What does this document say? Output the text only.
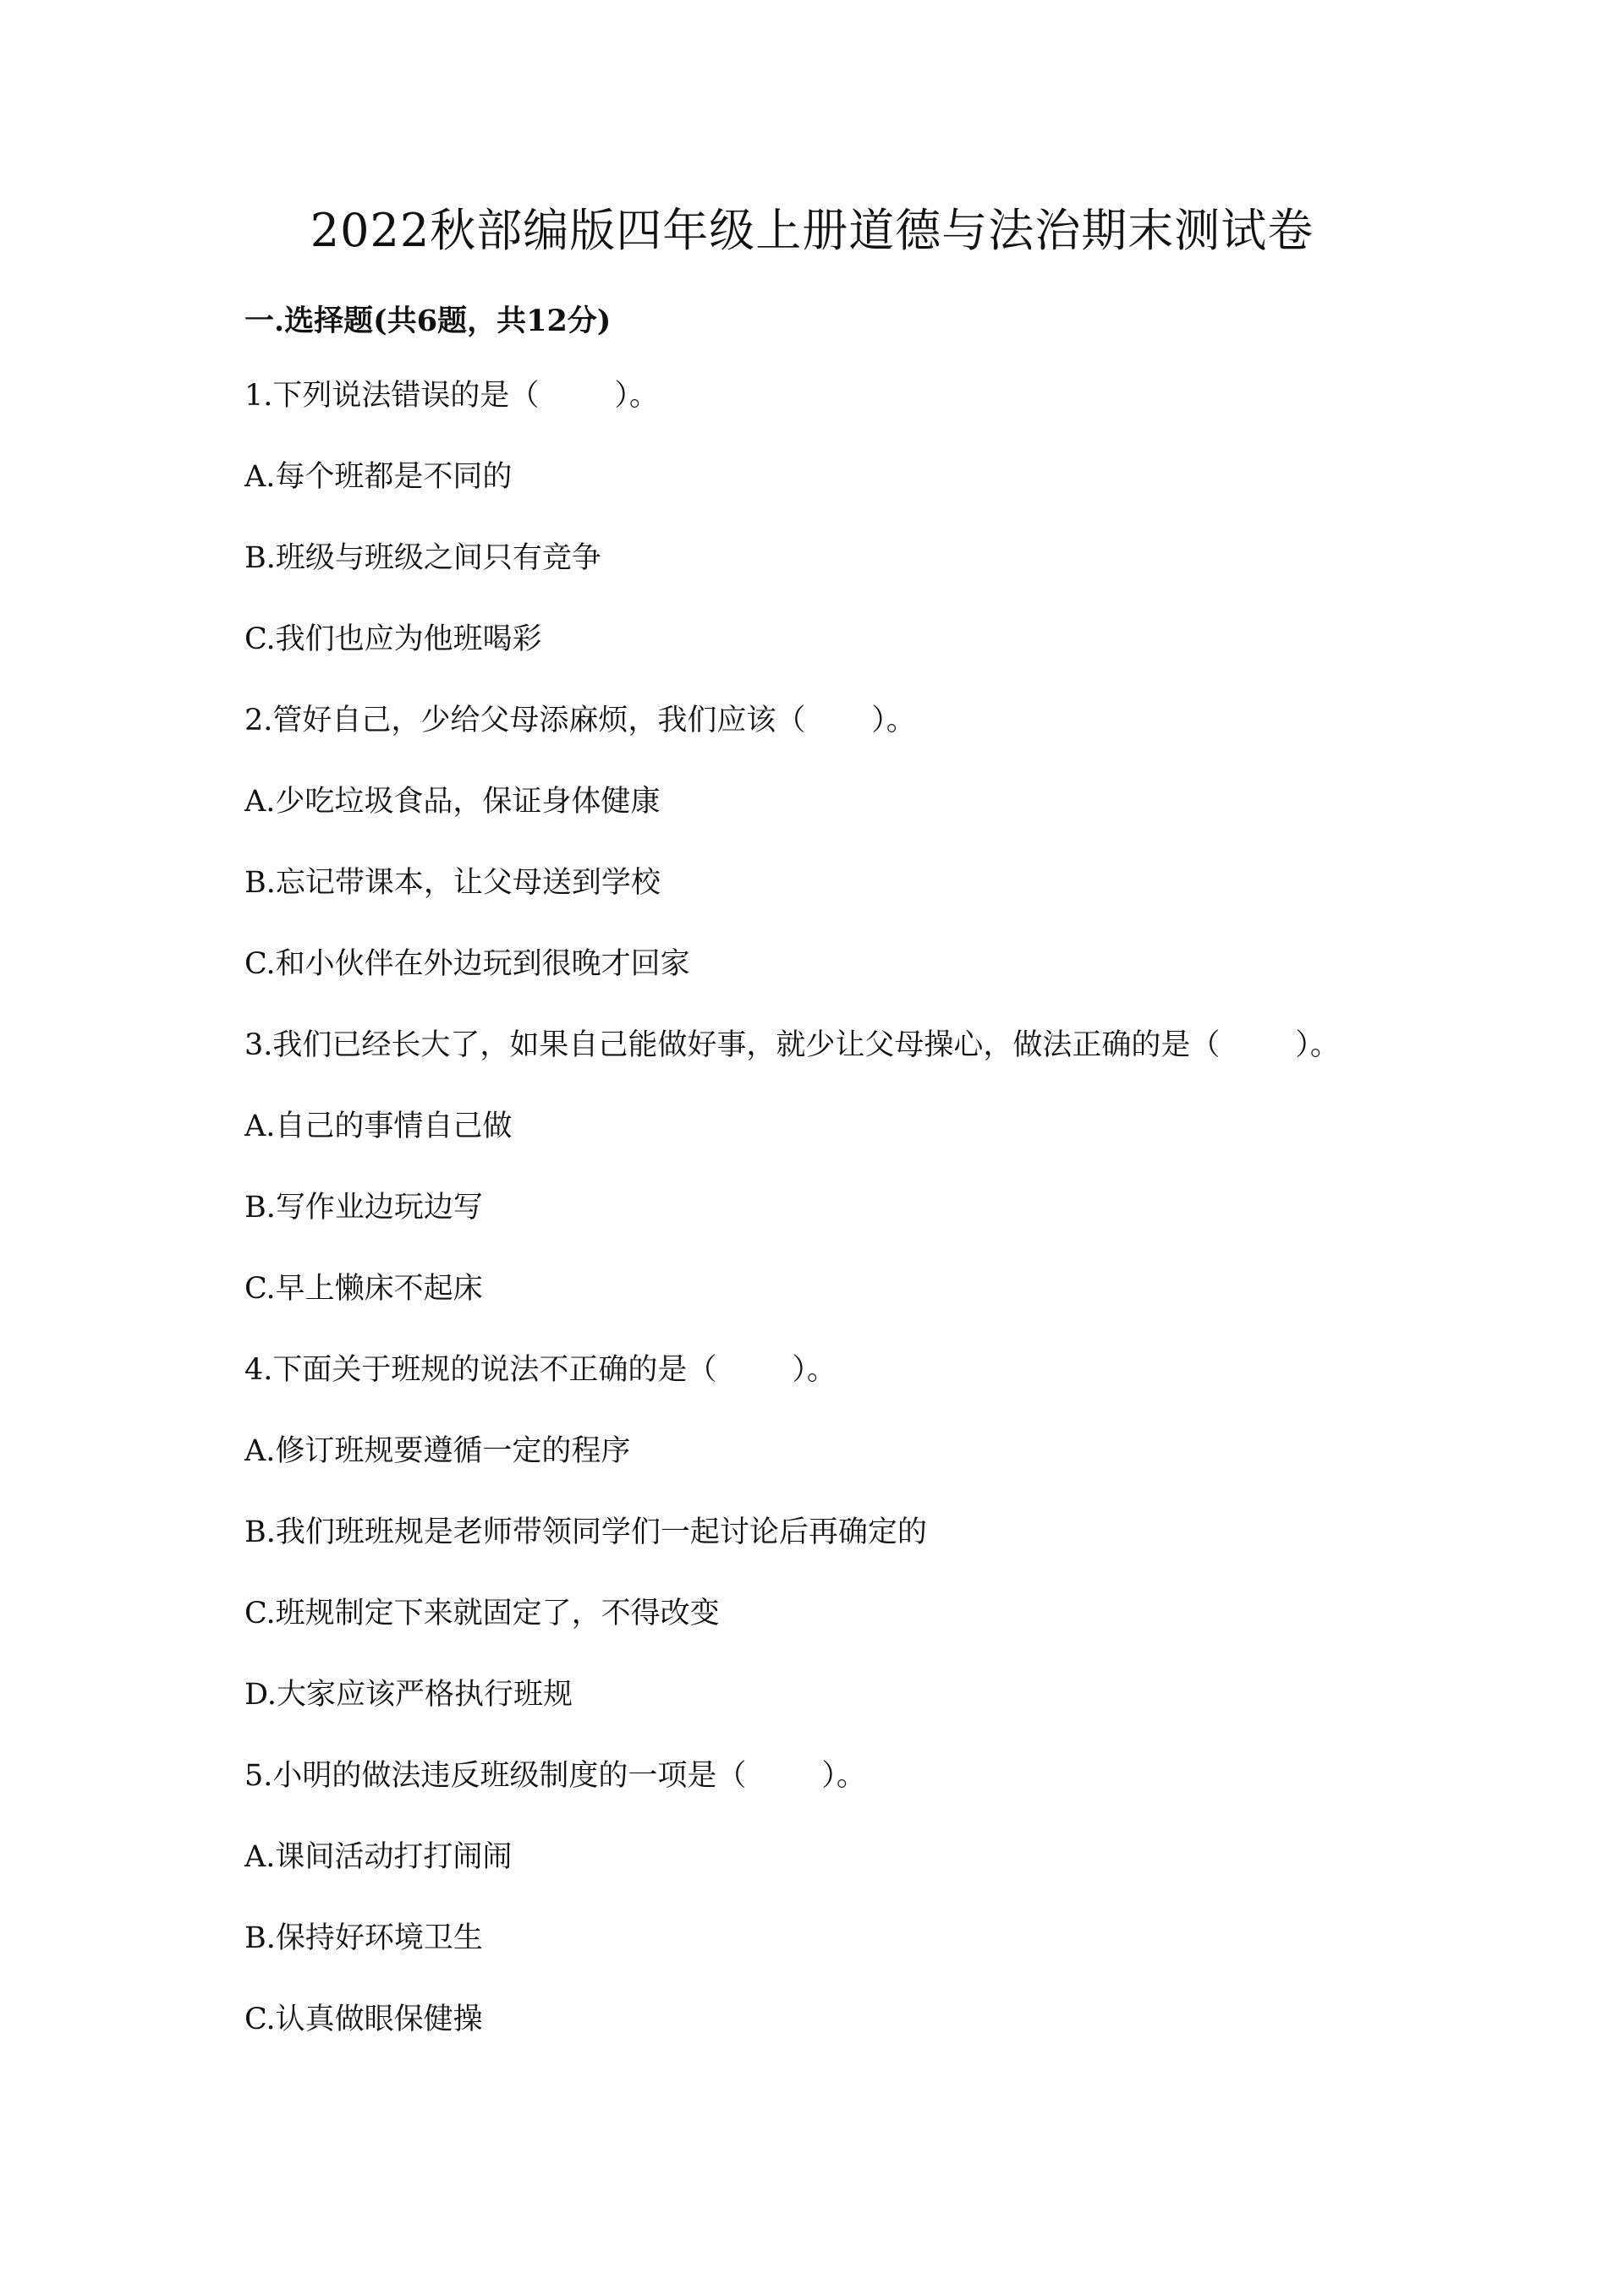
2022秋部编版四年级上册道德与法治期末测试卷
一.选择题(共6题，共12分)

1.下列说法错误的是（        ）。

A.每个班都是不同的

B.班级与班级之间只有竞争

C.我们也应为他班喝彩

2.管好自己，少给父母添麻烦，我们应该（       ）。

A.少吃垃圾食品，保证身体健康

B.忘记带课本，让父母送到学校

C.和小伙伴在外边玩到很晚才回家

3.我们已经长大了，如果自己能做好事，就少让父母操心，做法正确的是（        ）。

A.自己的事情自己做

B.写作业边玩边写

C.早上懒床不起床

4.下面关于班规的说法不正确的是（        ）。

A.修订班规要遵循一定的程序

B.我们班班规是老师带领同学们一起讨论后再确定的

C.班规制定下来就固定了，不得改变

D.大家应该严格执行班规

5.小明的做法违反班级制度的一项是（        ）。

A.课间活动打打闹闹

B.保持好环境卫生

C.认真做眼保健操
